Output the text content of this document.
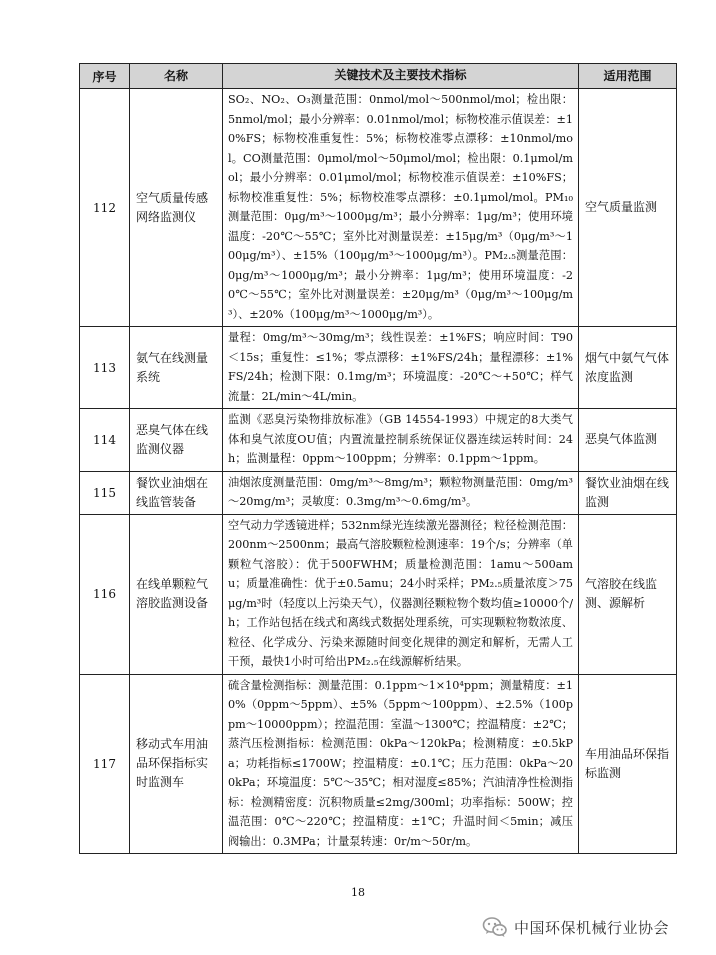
序号	名称	关键技术及主要技术指标	适用范围
112	空气质量传感网络监测仪	SO₂、NO₂、O₃测量范围：0nmol/mol～500nmol/mol；检出限：5nmol/mol；最小分辨率：0.01nmol/mol；标物校准示值误差：±10%FS；标物校准重复性：5%；标物校准零点漂移：±10nmol/mol。CO测量范围：0μmol/mol～50μmol/mol；检出限：0.1μmol/mol；最小分辨率：0.01μmol/mol；标物校准示值误差：±10%FS；标物校准重复性：5%；标物校准零点漂移：±0.1μmol/mol。PM₁₀测量范围：0μg/m³～1000μg/m³；最小分辨率：1μg/m³；使用环境温度：-20℃～55℃；室外比对测量误差：±15μg/m³（0μg/m³～100μg/m³）、±15%（100μg/m³～1000μg/m³）。PM₂.₅测量范围：0μg/m³～1000μg/m³；最小分辨率：1μg/m³；使用环境温度：-20℃～55℃；室外比对测量误差：±20μg/m³（0μg/m³～100μg/m³）、±20%（100μg/m³～1000μg/m³）。	空气质量监测
113	氨气在线测量系统	量程：0mg/m³～30mg/m³；线性误差：±1%FS；响应时间：T90＜15s；重复性：≤1%；零点漂移：±1%FS/24h；量程漂移：±1%FS/24h；检测下限：0.1mg/m³；环境温度：-20℃～+50℃；样气流量：2L/min～4L/min。	烟气中氨气气体浓度监测
114	恶臭气体在线监测仪器	监测《恶臭污染物排放标准》（GB 14554-1993）中规定的8大类气体和臭气浓度OU值；内置流量控制系统保证仪器连续运转时间：24h；监测量程：0ppm～100ppm；分辨率：0.1ppm～1ppm。	恶臭气体监测
115	餐饮业油烟在线监管装备	油烟浓度测量范围：0mg/m³～8mg/m³；颗粒物测量范围：0mg/m³～20mg/m³；灵敏度：0.3mg/m³～0.6mg/m³。	餐饮业油烟在线监测
116	在线单颗粒气溶胶监测设备	空气动力学透镜进样；532nm绿光连续激光器测径；粒径检测范围：200nm～2500nm；最高气溶胶颗粒检测速率：19个/s；分辨率（单颗粒气溶胶）：优于500FWHM；质量检测范围：1amu～500amu；质量准确性：优于±0.5amu；24小时采样；PM₂.₅质量浓度＞75μg/m³时（轻度以上污染天气），仪器测径颗粒物个数均值≥10000个/h；工作站包括在线式和离线式数据处理系统，可实现颗粒物数浓度、粒径、化学成分、污染来源随时间变化规律的测定和解析，无需人工干预，最快1小时可给出PM₂.₅在线源解析结果。	气溶胶在线监测、源解析
117	移动式车用油品环保指标实时监测车	硫含量检测指标：测量范围：0.1ppm～1×10⁴ppm；测量精度：±10%（0ppm～5ppm）、±5%（5ppm～100ppm）、±2.5%（100ppm～10000ppm）；控温范围：室温～1300℃；控温精度：±2℃；蒸汽压检测指标：检测范围：0kPa～120kPa；检测精度：±0.5kPa；功耗指标≤1700W；控温精度：±0.1℃；压力范围：0kPa～200kPa；环境温度：5℃～35℃；相对湿度≤85%；汽油清净性检测指标：检测精密度：沉积物质量≤2mg/300ml；功率指标：500W；控温范围：0℃～220℃；控温精度：±1℃；升温时间＜5min；减压阀输出：0.3MPa；计量泵转速：0r/m～50r/m。	车用油品环保指标监测
18
中国环保机械行业协会
